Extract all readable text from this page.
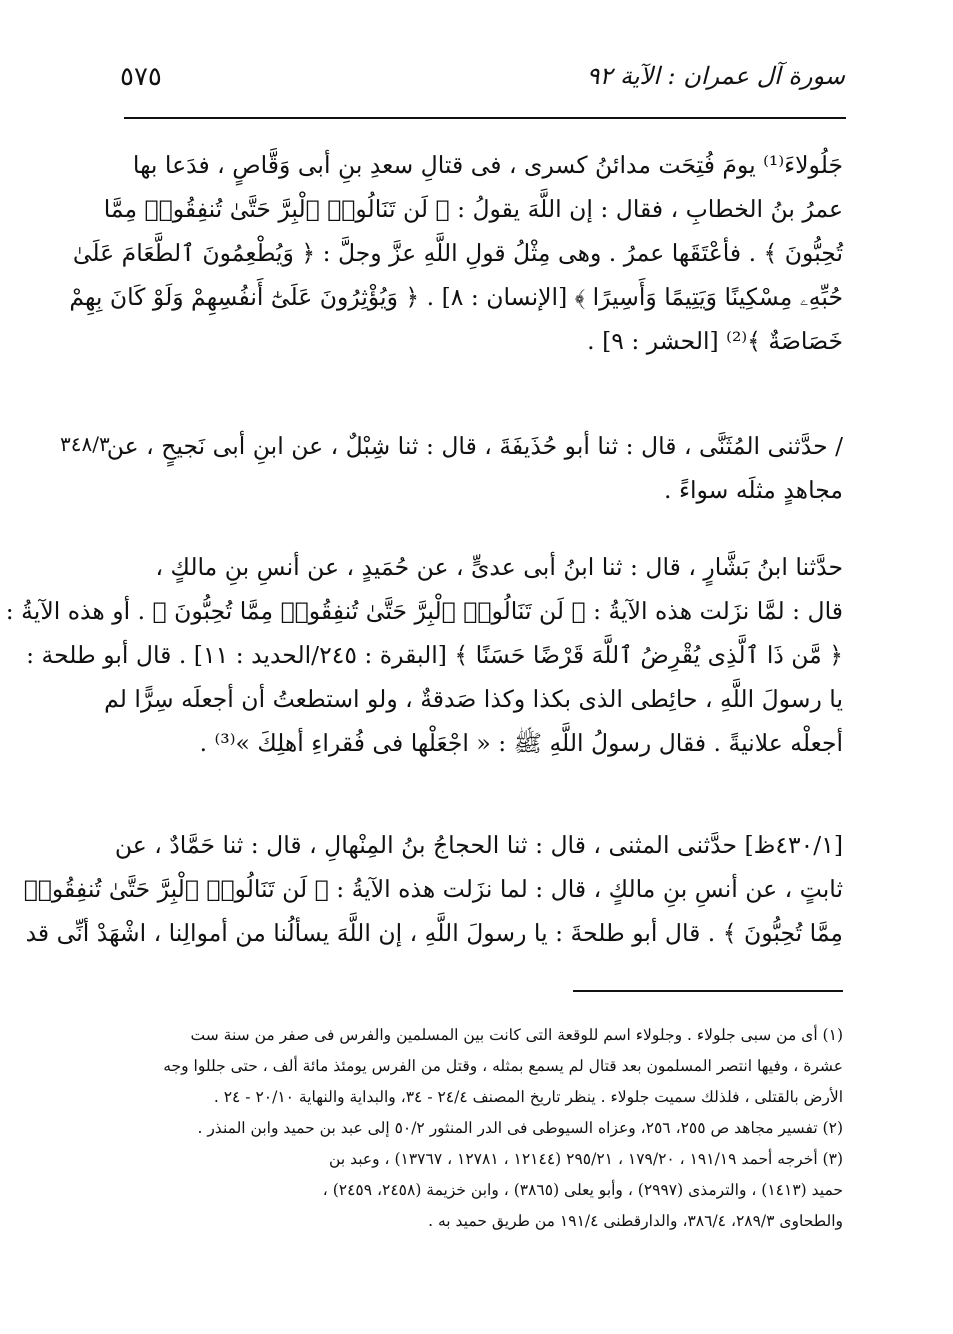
٥٧٥	سورة آل عمران : الآية ٩٢
جَلُولاءَ⁽¹⁾ يومَ فُتِحَت مدائنُ كسرى ، فى قتالِ سعدِ بنِ أبى وَقَّاصٍ ، فدَعا بها
عمرُ بنُ الخطابِ ، فقال : إن اللَّهَ يقولُ : ﴿ لَن تَنَالُوا۟ ٱلْبِرَّ حَتَّىٰ تُنفِقُوا۟ مِمَّا
تُحِبُّونَ ﴾ . فأعْتَقَها عمرُ . وهى مِثْلُ قولِ اللَّهِ عزَّ وجلَّ : ﴿ وَيُطْعِمُونَ ٱلطَّعَامَ عَلَىٰ
حُبِّهِۦ مِسْكِينًا وَيَتِيمًا وَأَسِيرًا ﴾ [الإنسان : ٨] . ﴿ وَيُؤْثِرُونَ عَلَىٰٓ أَنفُسِهِمْ وَلَوْ كَانَ بِهِمْ
خَصَاصَةٌ ﴾⁽²⁾ [الحشر : ٩] .
٣٤٨/٣
/ حدَّثنى المُثَنَّى ، قال : ثنا أبو حُذَيفَةَ ، قال : ثنا شِبْلٌ ، عن ابنِ أبى نَجيحٍ ، عن
مجاهدٍ مثلَه سواءً .
حدَّثنا ابنُ بَشَّارٍ ، قال : ثنا ابنُ أبى عدىٍّ ، عن حُمَيدٍ ، عن أنسِ بنِ مالكٍ ،
قال : لمَّا نزَلت هذه الآيةُ : ﴿ لَن تَنَالُوا۟ ٱلْبِرَّ حَتَّىٰ تُنفِقُوا۟ مِمَّا تُحِبُّونَ ﴾ . أو هذه الآيةُ :
﴿ مَّن ذَا ٱلَّذِى يُقْرِضُ ٱللَّهَ قَرْضًا حَسَنًا ﴾ [البقرة : ٢٤٥/الحديد : ١١] . قال أبو طلحة :
يا رسولَ اللَّهِ ، حائِطى الذى بكذا وكذا صَدقةٌ ، ولو استطعتُ أن أجعلَه سِرًّا لم
أجعلْه علانيةً . فقال رسولُ اللَّهِ ﷺ : « اجْعَلْها فى فُقراءِ أهلِكَ »⁽³⁾ .
[٤٣٠/١ظ] حدَّثنى المثنى ، قال : ثنا الحجاجُ بنُ المِنْهالِ ، قال : ثنا حَمَّادٌ ، عن
ثابتٍ ، عن أنسِ بنِ مالكٍ ، قال : لما نزَلت هذه الآيةُ : ﴿ لَن تَنَالُوا۟ ٱلْبِرَّ حَتَّىٰ تُنفِقُوا۟
مِمَّا تُحِبُّونَ ﴾ . قال أبو طلحةَ : يا رسولَ اللَّهِ ، إن اللَّهَ يسألُنا من أموالِنا ، اشْهَدْ أنِّى قد
(١) أى من سبى جلولاء . وجلولاء اسم للوقعة التى كانت بين المسلمين والفرس فى صفر من سنة ست
عشرة ، وفيها انتصر المسلمون بعد قتال لم يسمع بمثله ، وقتل من الفرس يومئذ مائة ألف ، حتى جللوا وجه
الأرض بالقتلى ، فلذلك سميت جلولاء . ينظر تاريخ المصنف ٢٤/٤ - ٣٤، والبداية والنهاية ٢٠/١٠ - ٢٤ .
(٢) تفسير مجاهد ص ٢٥٥، ٢٥٦، وعزاه السيوطى فى الدر المنثور ٥٠/٢ إلى عبد بن حميد وابن المنذر .
(٣) أخرجه أحمد ١٩١/١٩ ، ١٧٩/٢٠ ، ٢٩٥/٢١ (١٢١٤٤ ، ١٢٧٨١ ، ١٣٧٦٧) ، وعبد بن
حميد (١٤١٣) ، والترمذى (٢٩٩٧) ، وأبو يعلى (٣٨٦٥) ، وابن خزيمة (٢٤٥٨، ٢٤٥٩) ،
والطحاوى ٢٨٩/٣، ٣٨٦/٤، والدارقطنى ١٩١/٤ من طريق حميد به .
